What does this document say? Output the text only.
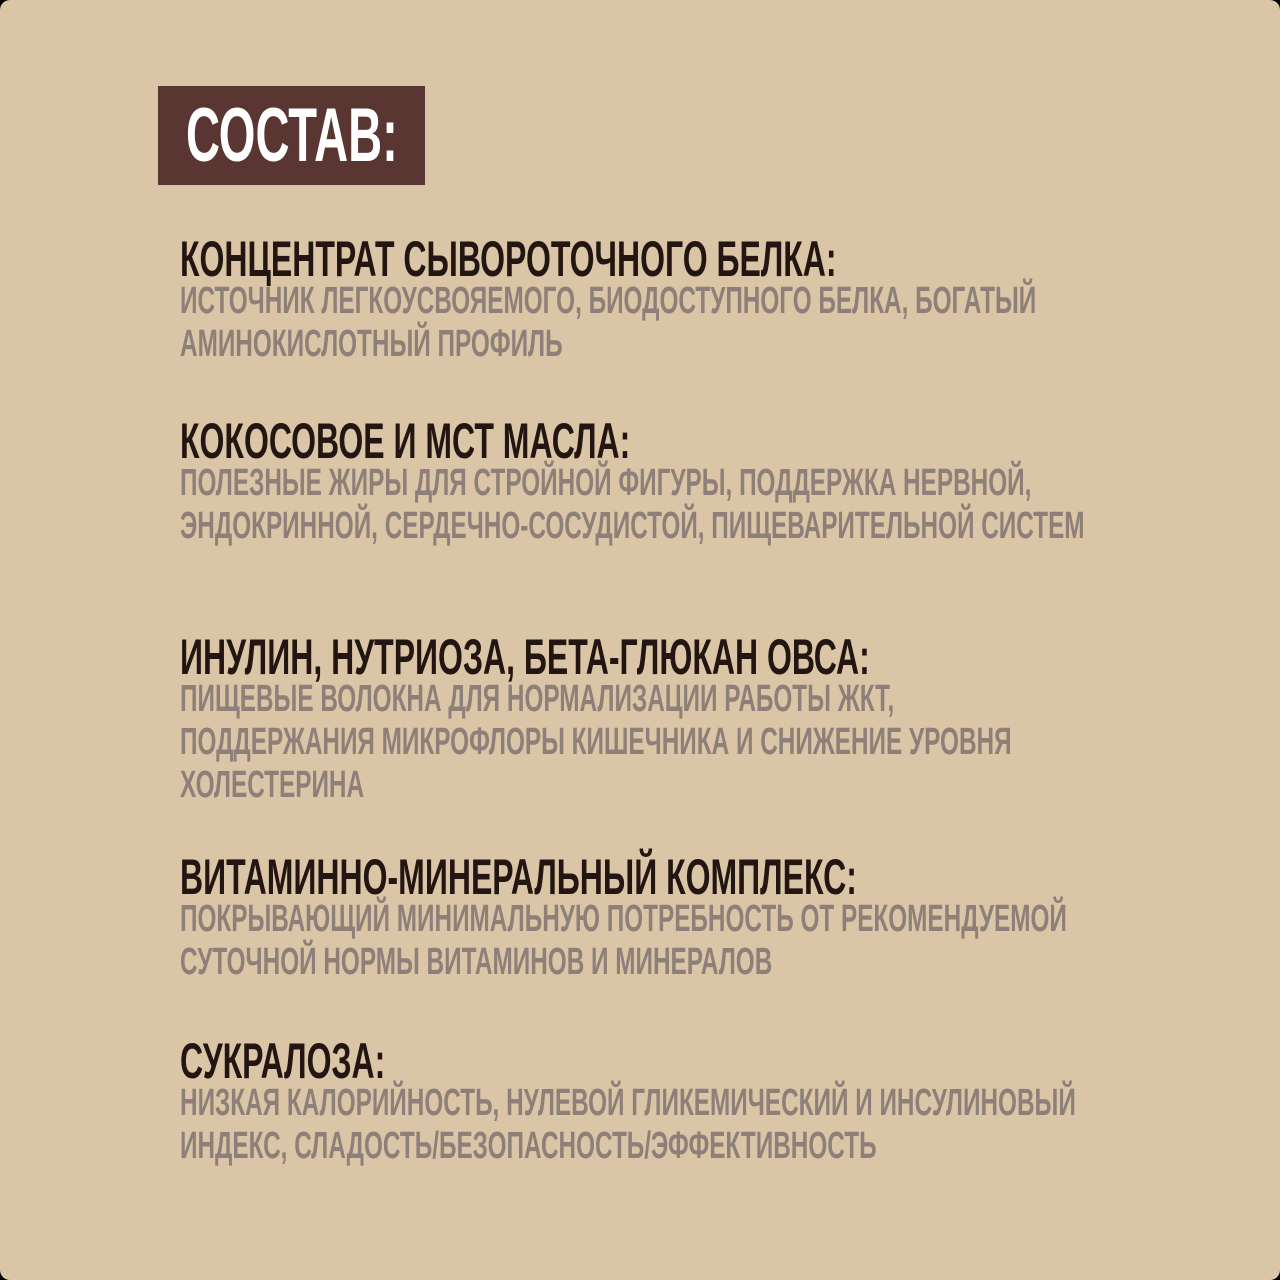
СОСТАВ:
КОНЦЕНТРАТ СЫВОРОТОЧНОГО БЕЛКА:
ИСТОЧНИК ЛЕГКОУСВОЯЕМОГО, БИОДОСТУПНОГО БЕЛКА, БОГАТЫЙ
АМИНОКИСЛОТНЫЙ ПРОФИЛЬ
КОКОСОВОЕ И МСТ МАСЛА:
ПОЛЕЗНЫЕ ЖИРЫ ДЛЯ СТРОЙНОЙ ФИГУРЫ, ПОДДЕРЖКА НЕРВНОЙ,
ЭНДОКРИННОЙ, СЕРДЕЧНО-СОСУДИСТОЙ, ПИЩЕВАРИТЕЛЬНОЙ СИСТЕМ
ИНУЛИН, НУТРИОЗА, БЕТА-ГЛЮКАН ОВСА:
ПИЩЕВЫЕ ВОЛОКНА ДЛЯ НОРМАЛИЗАЦИИ РАБОТЫ ЖКТ,
ПОДДЕРЖАНИЯ МИКРОФЛОРЫ КИШЕЧНИКА И СНИЖЕНИЕ УРОВНЯ
ХОЛЕСТЕРИНА
ВИТАМИННО-МИНЕРАЛЬНЫЙ КОМПЛЕКС:
ПОКРЫВАЮЩИЙ МИНИМАЛЬНУЮ ПОТРЕБНОСТЬ ОТ РЕКОМЕНДУЕМОЙ
СУТОЧНОЙ НОРМЫ ВИТАМИНОВ И МИНЕРАЛОВ
СУКРАЛОЗА:
НИЗКАЯ КАЛОРИЙНОСТЬ, НУЛЕВОЙ ГЛИКЕМИЧЕСКИЙ И ИНСУЛИНОВЫЙ
ИНДЕКС, СЛАДОСТЬ/БЕЗОПАСНОСТЬ/ЭФФЕКТИВНОСТЬ
